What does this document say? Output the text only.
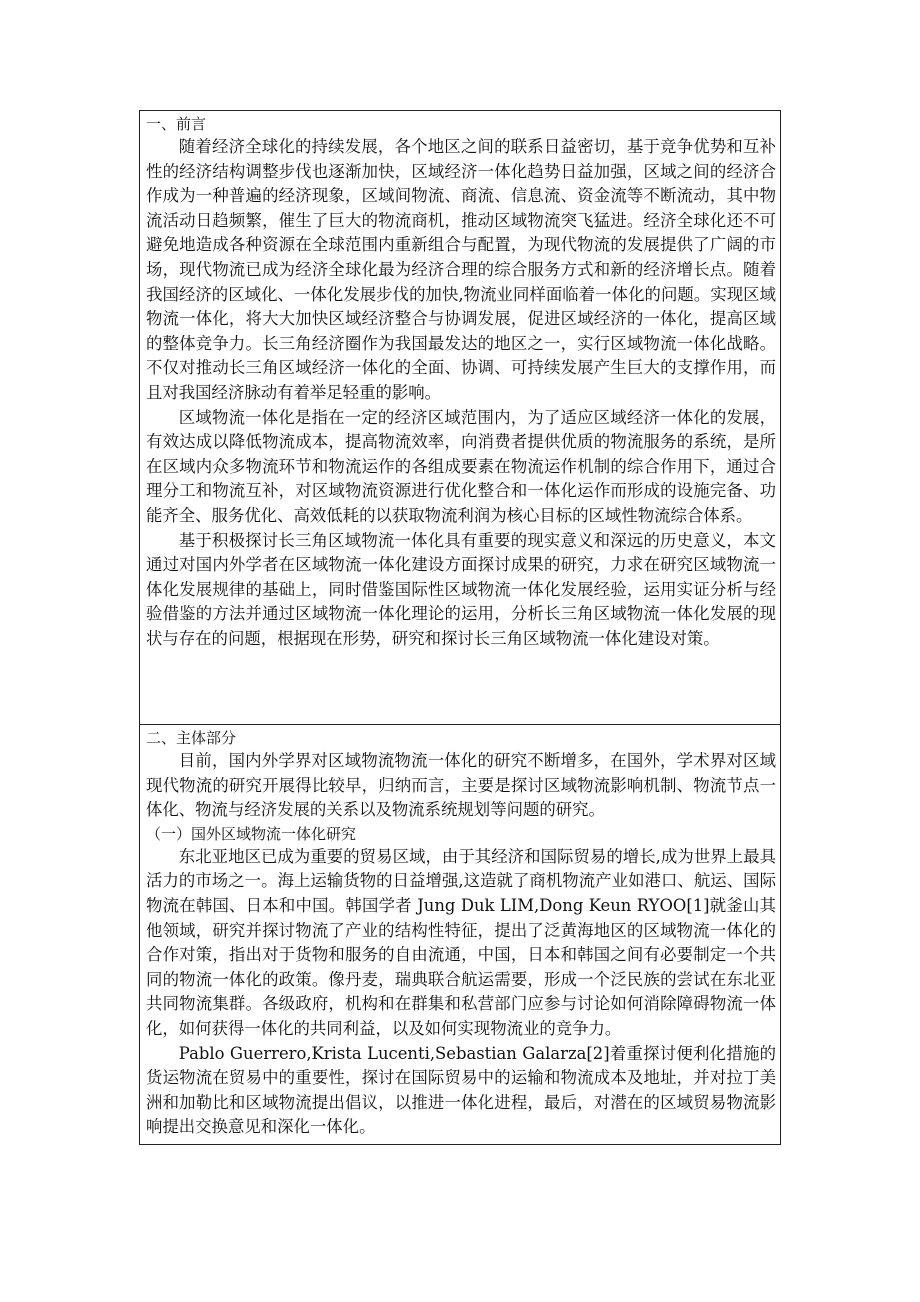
一、前言

随着经济全球化的持续发展，各个地区之间的联系日益密切，基于竞争优势和互补性的经济结构调整步伐也逐渐加快，区域经济一体化趋势日益加强，区域之间的经济合作成为一种普遍的经济现象，区域间物流、商流、信息流、资金流等不断流动，其中物流活动日趋频繁，催生了巨大的物流商机，推动区域物流突飞猛进。经济全球化还不可避免地造成各种资源在全球范围内重新组合与配置，为现代物流的发展提供了广阔的市场，现代物流已成为经济全球化最为经济合理的综合服务方式和新的经济增长点。随着我国经济的区域化、一体化发展步伐的加快,物流业同样面临着一体化的问题。实现区域物流一体化，将大大加快区域经济整合与协调发展，促进区域经济的一体化，提高区域的整体竞争力。长三角经济圈作为我国最发达的地区之一，实行区域物流一体化战略。不仅对推动长三角区域经济一体化的全面、协调、可持续发展产生巨大的支撑作用，而且对我国经济脉动有着举足轻重的影响。

区域物流一体化是指在一定的经济区域范围内，为了适应区域经济一体化的发展，有效达成以降低物流成本，提高物流效率，向消费者提供优质的物流服务的系统，是所在区域内众多物流环节和物流运作的各组成要素在物流运作机制的综合作用下，通过合理分工和物流互补，对区域物流资源进行优化整合和一体化运作而形成的设施完备、功能齐全、服务优化、高效低耗的以获取物流利润为核心目标的区域性物流综合体系。

基于积极探讨长三角区域物流一体化具有重要的现实意义和深远的历史意义，本文通过对国内外学者在区域物流一体化建设方面探讨成果的研究，力求在研究区域物流一体化发展规律的基础上，同时借鉴国际性区域物流一体化发展经验，运用实证分析与经验借鉴的方法并通过区域物流一体化理论的运用，分析长三角区域物流一体化发展的现状与存在的问题，根据现在形势，研究和探讨长三角区域物流一体化建设对策。

二、主体部分

目前，国内外学界对区域物流物流一体化的研究不断增多，在国外，学术界对区域现代物流的研究开展得比较早，归纳而言，主要是探讨区域物流影响机制、物流节点一体化、物流与经济发展的关系以及物流系统规划等问题的研究。

（一）国外区域物流一体化研究

东北亚地区已成为重要的贸易区域，由于其经济和国际贸易的增长,成为世界上最具活力的市场之一。海上运输货物的日益增强,这造就了商机物流产业如港口、航运、国际物流在韩国、日本和中国。韩国学者 Jung Duk LIM,Dong Keun RYOO[1]就釜山其他领域，研究并探讨物流了产业的结构性特征，提出了泛黄海地区的区域物流一体化的合作对策，指出对于货物和服务的自由流通，中国，日本和韩国之间有必要制定一个共同的物流一体化的政策。像丹麦，瑞典联合航运需要，形成一个泛民族的尝试在东北亚共同物流集群。各级政府，机构和在群集和私营部门应参与讨论如何消除障碍物流一体化，如何获得一体化的共同利益，以及如何实现物流业的竞争力。

Pablo Guerrero,Krista Lucenti,Sebastian Galarza[2]着重探讨便利化措施的货运物流在贸易中的重要性，探讨在国际贸易中的运输和物流成本及地址，并对拉丁美洲和加勒比和区域物流提出倡议，以推进一体化进程，最后，对潜在的区域贸易物流影响提出交换意见和深化一体化。
